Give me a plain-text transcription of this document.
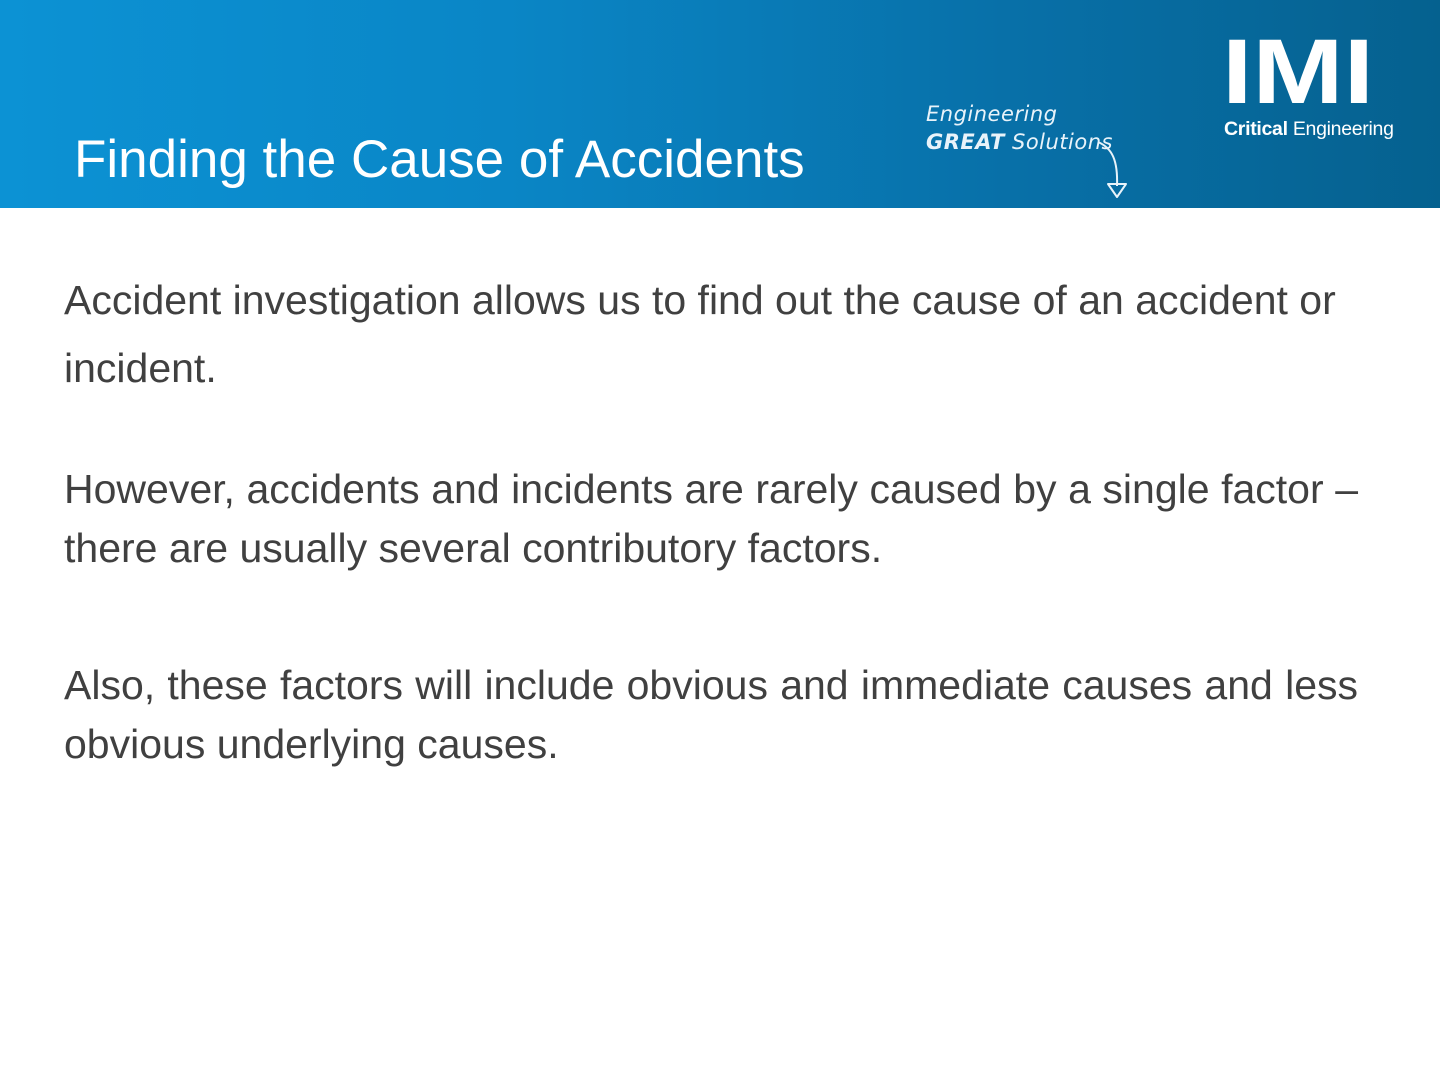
Finding the Cause of Accidents
Engineering
GREAT Solutions
IMI
Critical Engineering

Accident investigation allows us to find out the cause of an accident or incident.

However, accidents and incidents are rarely caused by a single factor – there are usually several contributory factors.

Also, these factors will include obvious and immediate causes and less obvious underlying causes.
